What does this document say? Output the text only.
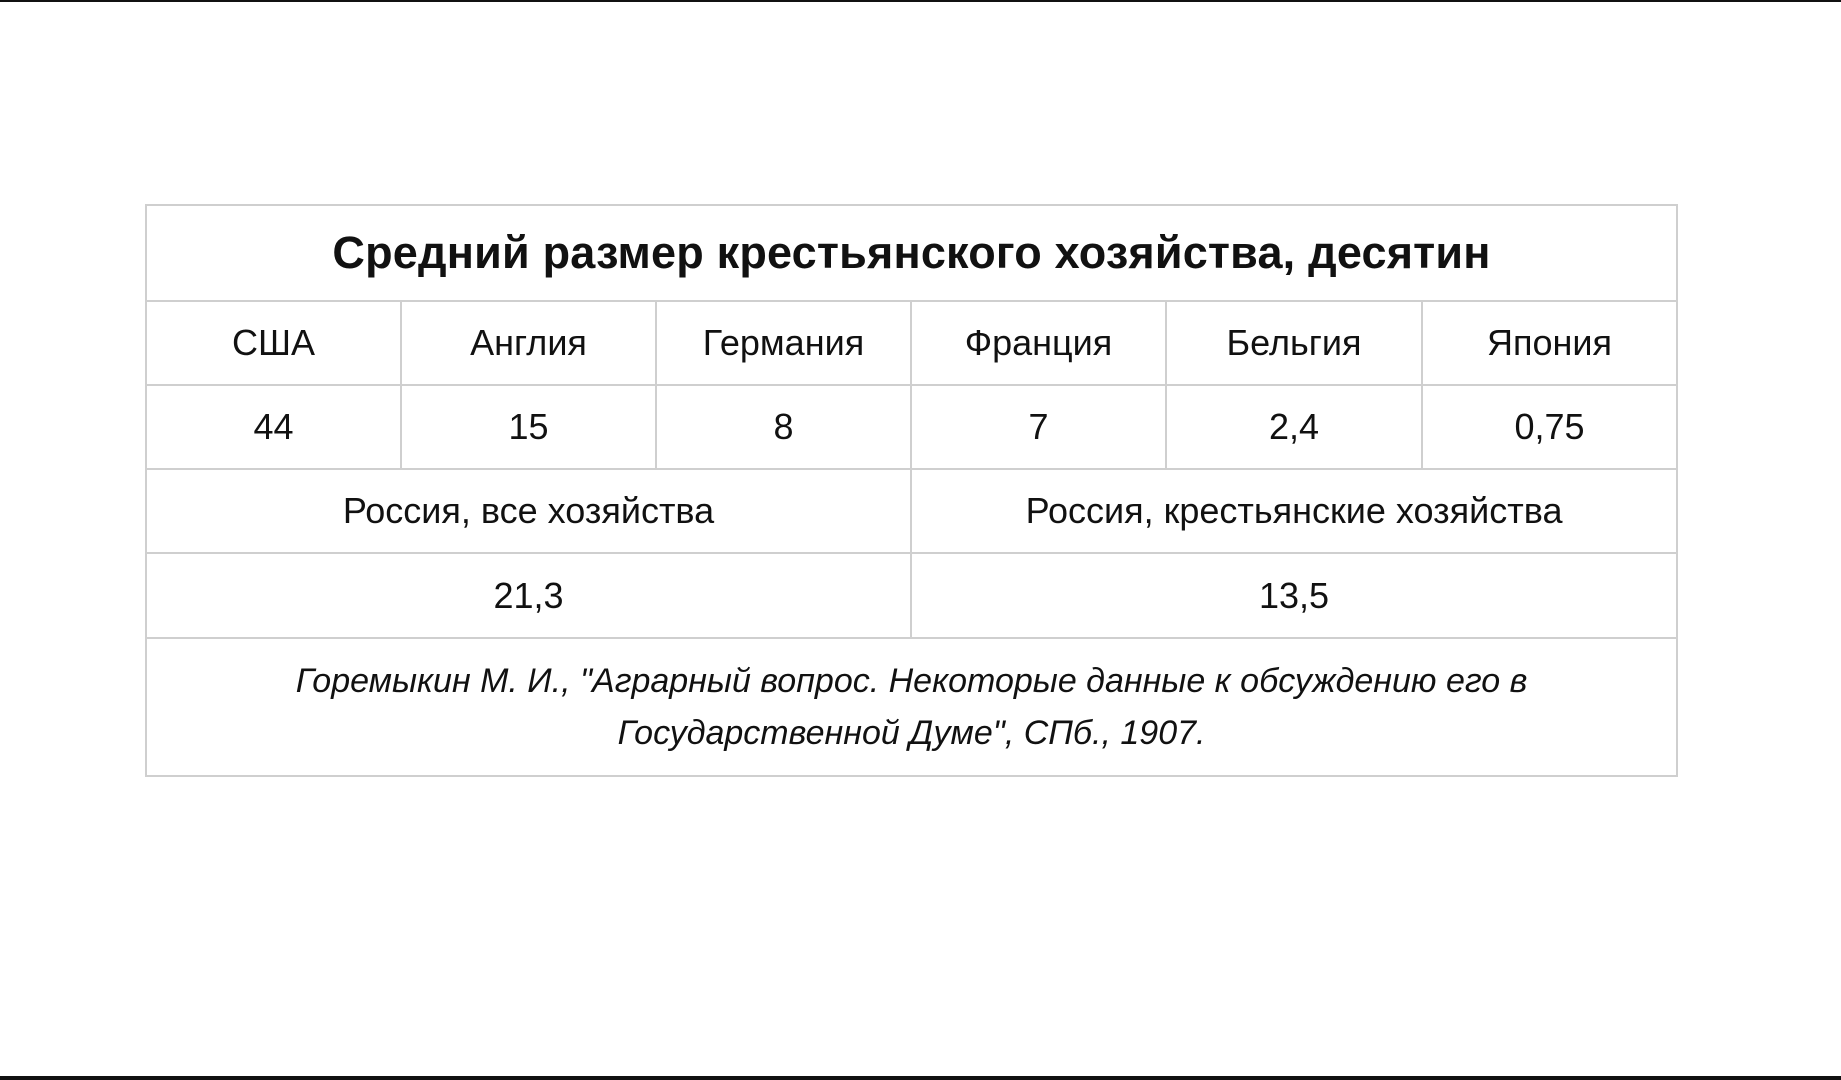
Средний размер крестьянского хозяйства, десятин					
США	Англия	Германия	Франция	Бельгия	Япония
44	15	8	7	2,4	0,75
Россия, все хозяйства			Россия, крестьянские хозяйства		
21,3			13,5		
Горемыкин М. И., "Аграрный вопрос. Некоторые данные к обсуждению его в Государственной Думе", СПб., 1907.					
